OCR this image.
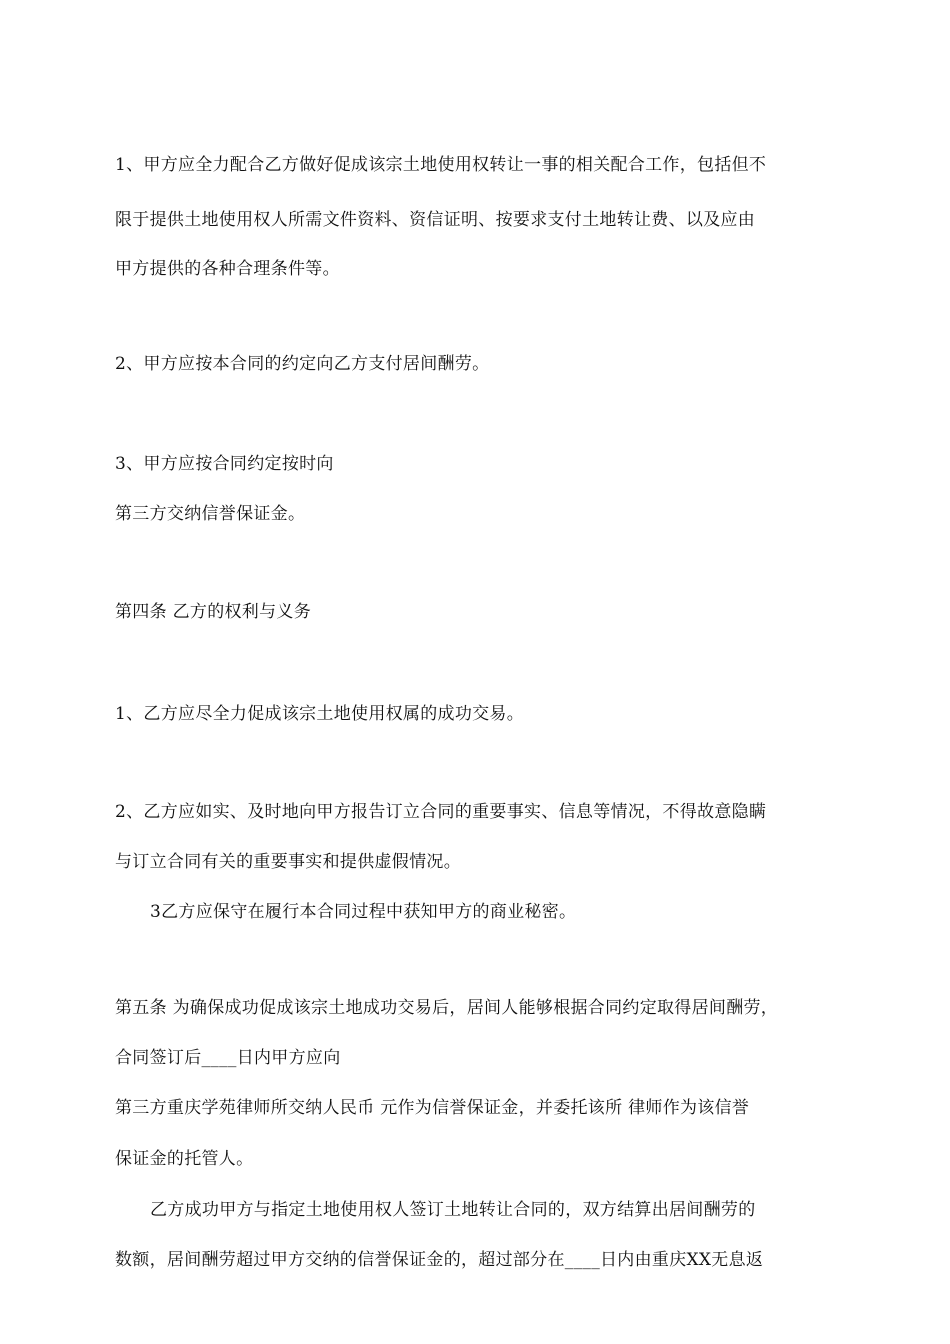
1、甲方应全力配合乙方做好促成该宗土地使用权转让一事的相关配合工作，包括但不
限于提供土地使用权人所需文件资料、资信证明、按要求支付土地转让费、以及应由
甲方提供的各种合理条件等。
2、甲方应按本合同的约定向乙方支付居间酬劳。
3、甲方应按合同约定按时向
第三方交纳信誉保证金。
第四条 乙方的权利与义务
1、乙方应尽全力促成该宗土地使用权属的成功交易。
2、乙方应如实、及时地向甲方报告订立合同的重要事实、信息等情况，不得故意隐瞒
与订立合同有关的重要事实和提供虚假情况。
3乙方应保守在履行本合同过程中获知甲方的商业秘密。
第五条 为确保成功促成该宗土地成功交易后，居间人能够根据合同约定取得居间酬劳，
合同签订后____日内甲方应向
第三方重庆学苑律师所交纳人民币 元作为信誉保证金，并委托该所 律师作为该信誉
保证金的托管人。
乙方成功甲方与指定土地使用权人签订土地转让合同的，双方结算出居间酬劳的
数额，居间酬劳超过甲方交纳的信誉保证金的，超过部分在____日内由重庆XX无息返
